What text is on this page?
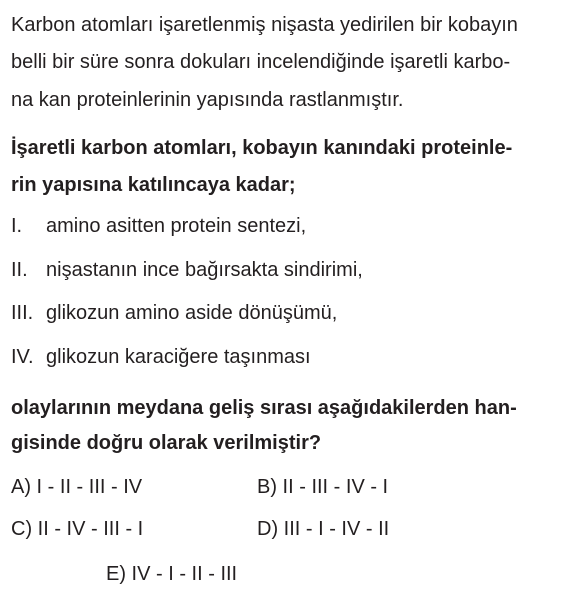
Karbon atomları işaretlenmiş nişasta yedirilen bir kobayın
belli bir süre sonra dokuları incelendiğinde işaretli karbo-
na kan proteinlerinin yapısında rastlanmıştır.
İşaretli karbon atomları, kobayın kanındaki proteinle-
rin yapısına katılıncaya kadar;
I. amino asitten protein sentezi,
II. nişastanın ince bağırsakta sindirimi,
III. glikozun amino aside dönüşümü,
IV. glikozun karaciğere taşınması
olaylarının meydana geliş sırası aşağıdakilerden han-
gisinde doğru olarak verilmiştir?
A) I - II - III - IV	B) II - III - IV - I
C) II - IV - III - I	D) III - I - IV - II
E) IV - I - II - III
